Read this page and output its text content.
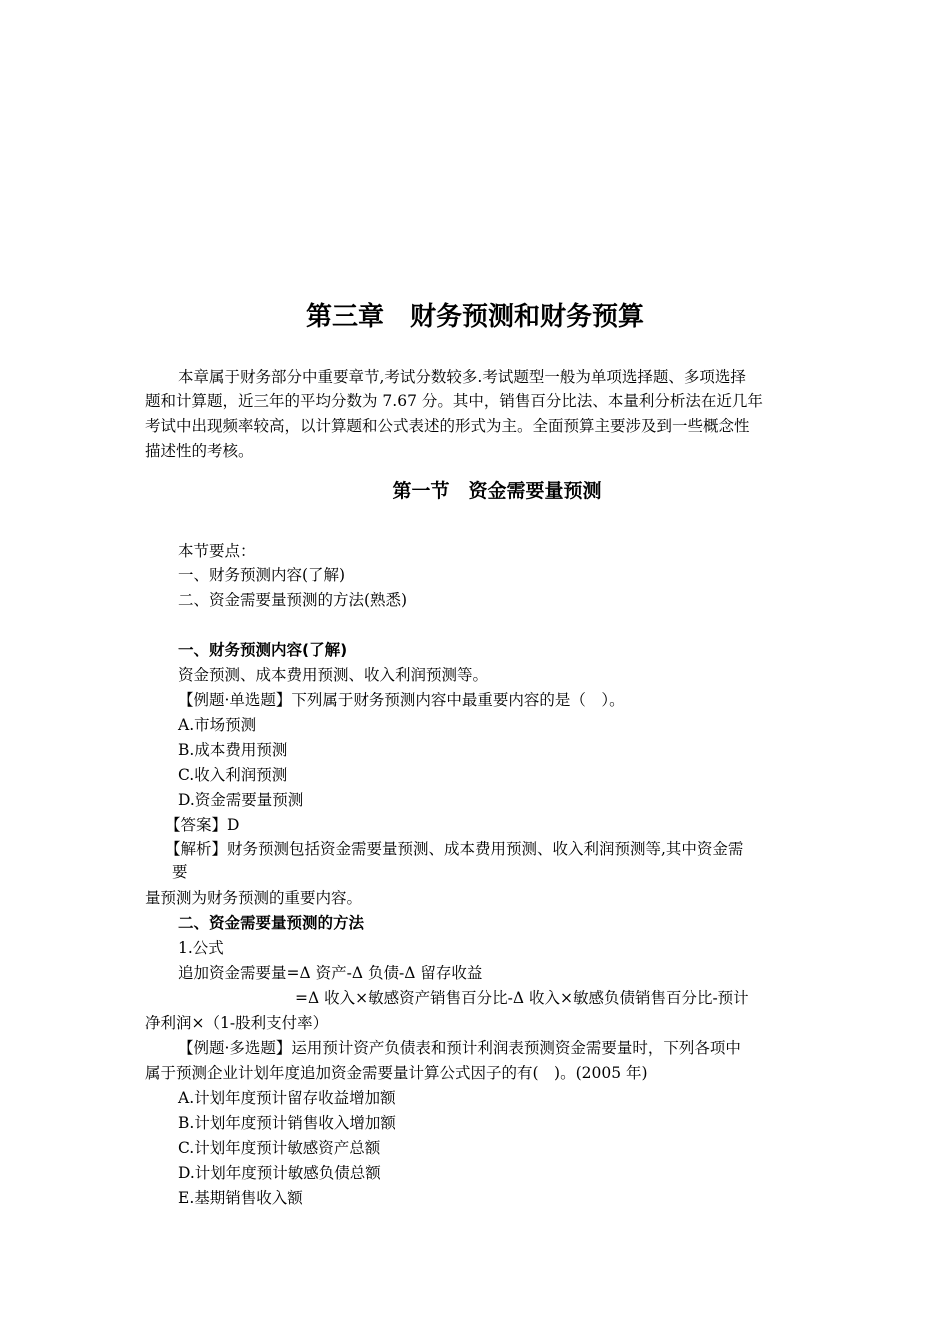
第三章　财务预测和财务预算
本章属于财务部分中重要章节,考试分数较多.考试题型一般为单项选择题、多项选择
题和计算题，近三年的平均分数为 7.67 分。其中，销售百分比法、本量利分析法在近几年
考试中出现频率较高，以计算题和公式表述的形式为主。全面预算主要涉及到一些概念性
描述性的考核。
第一节　资金需要量预测
本节要点：
一、财务预测内容(了解)
二、资金需要量预测的方法(熟悉)
一、财务预测内容(了解)
资金预测、成本费用预测、收入利润预测等。
【例题·单选题】下列属于财务预测内容中最重要内容的是（　）。
A.市场预测
B.成本费用预测
C.收入利润预测
D.资金需要量预测
【答案】D
【解析】财务预测包括资金需要量预测、成本费用预测、收入利润预测等,其中资金需
要
量预测为财务预测的重要内容。
二、资金需要量预测的方法
1.公式
追加资金需要量=Δ 资产-Δ 负债-Δ 留存收益
=Δ 收入×敏感资产销售百分比-Δ 收入×敏感负债销售百分比-预计
净利润×（1-股利支付率）
【例题·多选题】运用预计资产负债表和预计利润表预测资金需要量时，下列各项中
属于预测企业计划年度追加资金需要量计算公式因子的有(　)。(2005 年)
A.计划年度预计留存收益增加额
B.计划年度预计销售收入增加额
C.计划年度预计敏感资产总额
D.计划年度预计敏感负债总额
E.基期销售收入额
